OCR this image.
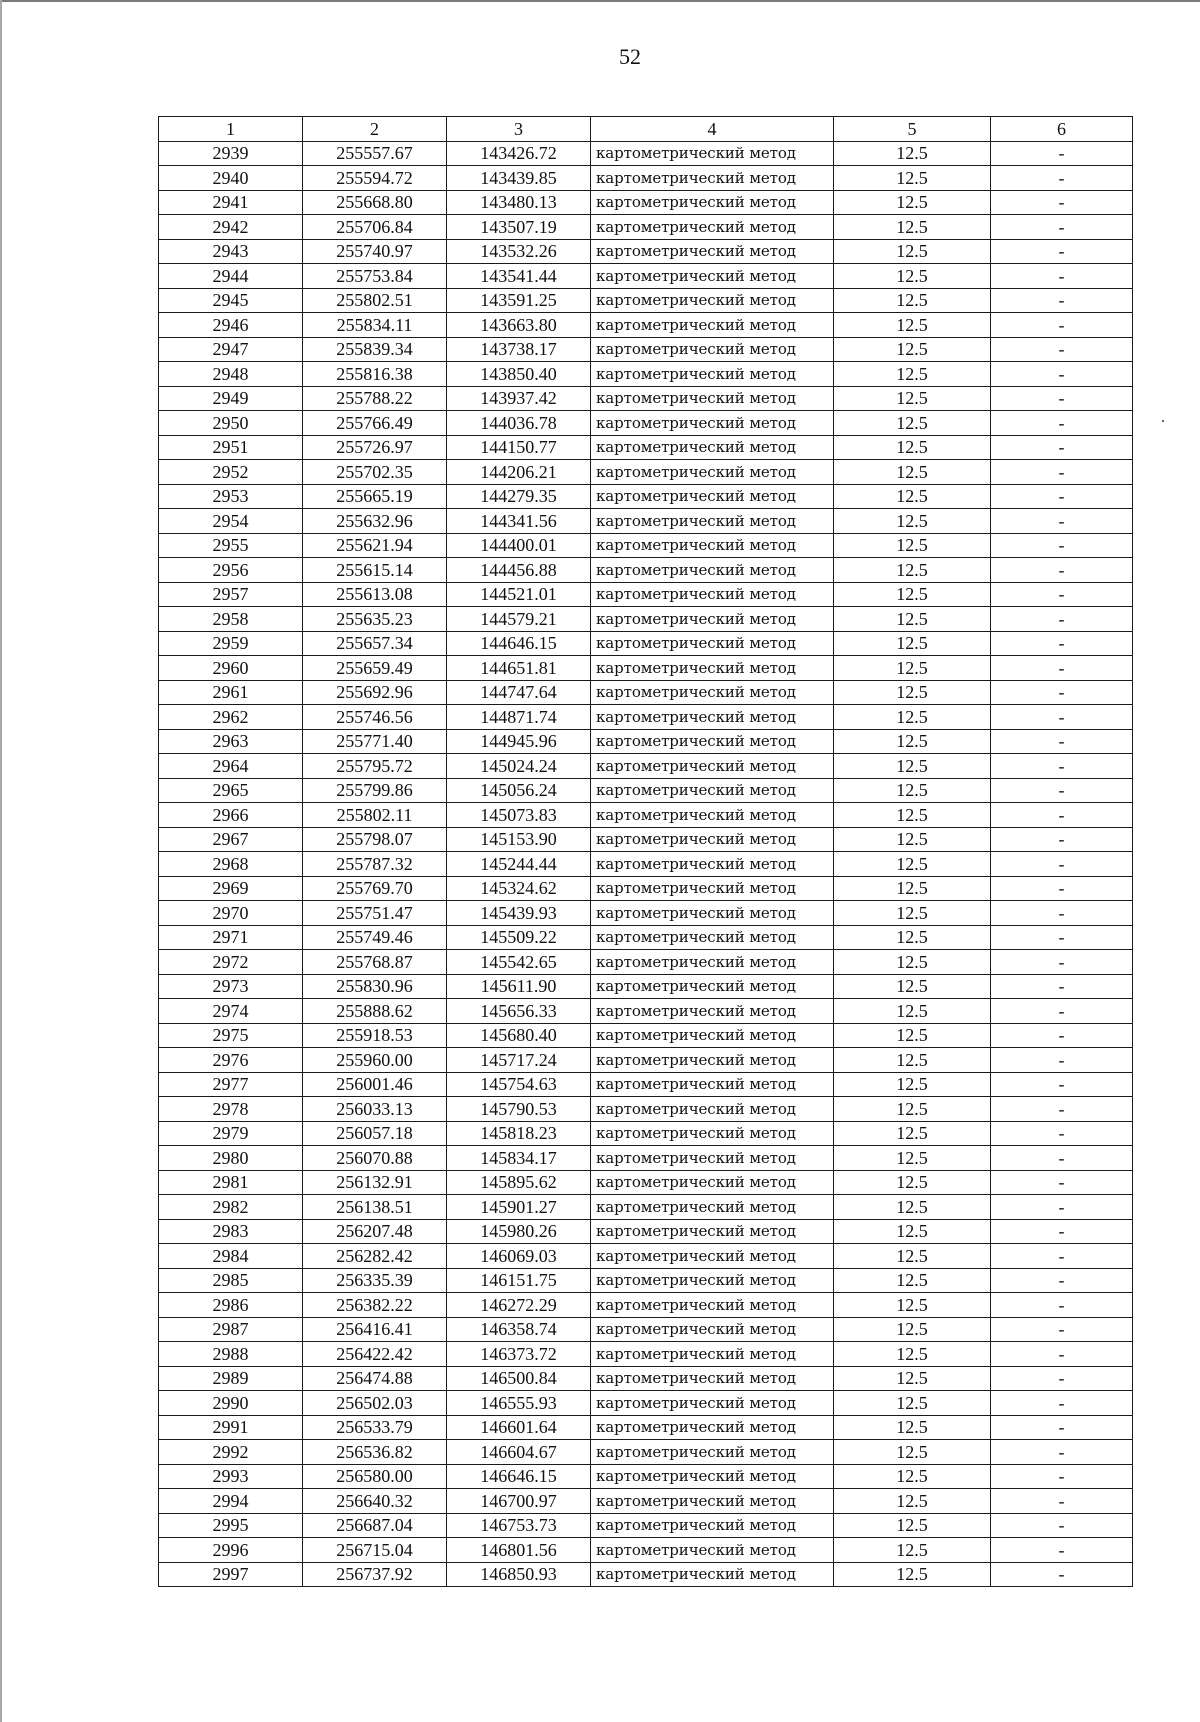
52
1	2	3	4	5	6
2939	255557.67	143426.72	картометрический метод	12.5	-
2940	255594.72	143439.85	картометрический метод	12.5	-
2941	255668.80	143480.13	картометрический метод	12.5	-
2942	255706.84	143507.19	картометрический метод	12.5	-
2943	255740.97	143532.26	картометрический метод	12.5	-
2944	255753.84	143541.44	картометрический метод	12.5	-
2945	255802.51	143591.25	картометрический метод	12.5	-
2946	255834.11	143663.80	картометрический метод	12.5	-
2947	255839.34	143738.17	картометрический метод	12.5	-
2948	255816.38	143850.40	картометрический метод	12.5	-
2949	255788.22	143937.42	картометрический метод	12.5	-
2950	255766.49	144036.78	картометрический метод	12.5	-
2951	255726.97	144150.77	картометрический метод	12.5	-
2952	255702.35	144206.21	картометрический метод	12.5	-
2953	255665.19	144279.35	картометрический метод	12.5	-
2954	255632.96	144341.56	картометрический метод	12.5	-
2955	255621.94	144400.01	картометрический метод	12.5	-
2956	255615.14	144456.88	картометрический метод	12.5	-
2957	255613.08	144521.01	картометрический метод	12.5	-
2958	255635.23	144579.21	картометрический метод	12.5	-
2959	255657.34	144646.15	картометрический метод	12.5	-
2960	255659.49	144651.81	картометрический метод	12.5	-
2961	255692.96	144747.64	картометрический метод	12.5	-
2962	255746.56	144871.74	картометрический метод	12.5	-
2963	255771.40	144945.96	картометрический метод	12.5	-
2964	255795.72	145024.24	картометрический метод	12.5	-
2965	255799.86	145056.24	картометрический метод	12.5	-
2966	255802.11	145073.83	картометрический метод	12.5	-
2967	255798.07	145153.90	картометрический метод	12.5	-
2968	255787.32	145244.44	картометрический метод	12.5	-
2969	255769.70	145324.62	картометрический метод	12.5	-
2970	255751.47	145439.93	картометрический метод	12.5	-
2971	255749.46	145509.22	картометрический метод	12.5	-
2972	255768.87	145542.65	картометрический метод	12.5	-
2973	255830.96	145611.90	картометрический метод	12.5	-
2974	255888.62	145656.33	картометрический метод	12.5	-
2975	255918.53	145680.40	картометрический метод	12.5	-
2976	255960.00	145717.24	картометрический метод	12.5	-
2977	256001.46	145754.63	картометрический метод	12.5	-
2978	256033.13	145790.53	картометрический метод	12.5	-
2979	256057.18	145818.23	картометрический метод	12.5	-
2980	256070.88	145834.17	картометрический метод	12.5	-
2981	256132.91	145895.62	картометрический метод	12.5	-
2982	256138.51	145901.27	картометрический метод	12.5	-
2983	256207.48	145980.26	картометрический метод	12.5	-
2984	256282.42	146069.03	картометрический метод	12.5	-
2985	256335.39	146151.75	картометрический метод	12.5	-
2986	256382.22	146272.29	картометрический метод	12.5	-
2987	256416.41	146358.74	картометрический метод	12.5	-
2988	256422.42	146373.72	картометрический метод	12.5	-
2989	256474.88	146500.84	картометрический метод	12.5	-
2990	256502.03	146555.93	картометрический метод	12.5	-
2991	256533.79	146601.64	картометрический метод	12.5	-
2992	256536.82	146604.67	картометрический метод	12.5	-
2993	256580.00	146646.15	картометрический метод	12.5	-
2994	256640.32	146700.97	картометрический метод	12.5	-
2995	256687.04	146753.73	картометрический метод	12.5	-
2996	256715.04	146801.56	картометрический метод	12.5	-
2997	256737.92	146850.93	картометрический метод	12.5	-
